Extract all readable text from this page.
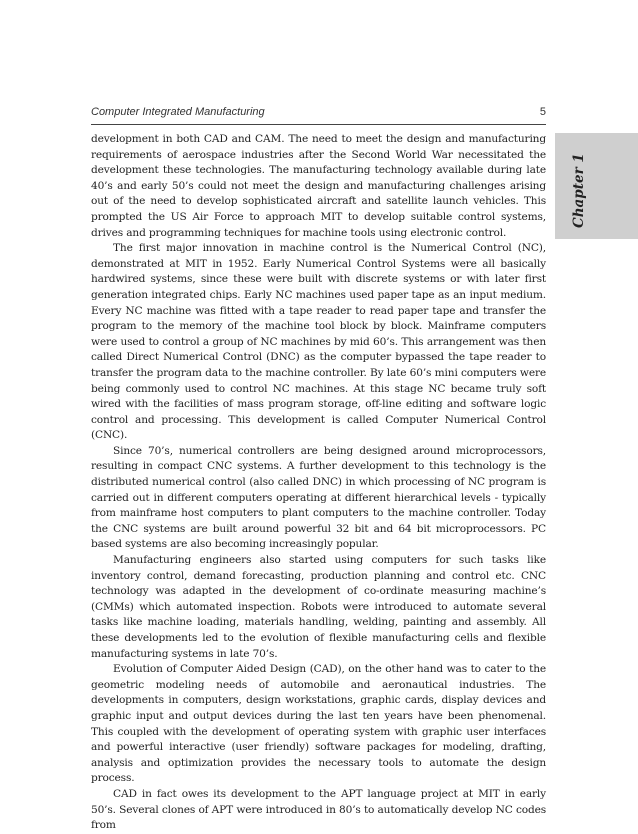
Computer Integrated Manufacturing	5
Chapter 1

development in both CAD and CAM. The need to meet the design and manufacturing requirements of aerospace industries after the Second World War necessitated the development these technologies. The manufacturing technology available during late 40’s and early 50’s could not meet the design and manufacturing challenges arising out of the need to develop sophisticated aircraft and satellite launch vehicles. This prompted the US Air Force to approach MIT to develop suitable control systems, drives and programming techniques for machine tools using electronic control.

The first major innovation in machine control is the Numerical Control (NC), demonstrated at MIT in 1952. Early Numerical Control Systems were all basically hardwired systems, since these were built with discrete systems or with later first generation integrated chips. Early NC machines used paper tape as an input medium. Every NC machine was fitted with a tape reader to read paper tape and transfer the program to the memory of the machine tool block by block. Mainframe computers were used to control a group of NC machines by mid 60’s. This arrangement was then called Direct Numerical Control (DNC) as the computer bypassed the tape reader to transfer the program data to the machine controller. By late 60’s mini computers were being commonly used to control NC machines. At this stage NC became truly soft wired with the facilities of mass program storage, off-line editing and software logic control and processing. This development is called Computer Numerical Control (CNC).

Since 70’s, numerical controllers are being designed around microprocessors, resulting in compact CNC systems. A further development to this technology is the distributed numerical control (also called DNC) in which processing of NC program is carried out in different computers operating at different hierarchical levels - typically from mainframe host computers to plant computers to the machine controller. Today the CNC systems are built around powerful 32 bit and 64 bit microprocessors. PC based systems are also becoming increasingly popular.

Manufacturing engineers also started using computers for such tasks like inventory control, demand forecasting, production planning and control etc. CNC technology was adapted in the development of co-ordinate measuring machine’s (CMMs) which automated inspection. Robots were introduced to automate several tasks like machine loading, materials handling, welding, painting and assembly. All these developments led to the evolution of flexible manufacturing cells and flexible manufacturing systems in late 70’s.

Evolution of Computer Aided Design (CAD), on the other hand was to cater to the geometric modeling needs of automobile and aeronautical industries. The developments in computers, design workstations, graphic cards, display devices and graphic input and output devices during the last ten years have been phenomenal. This coupled with the development of operating system with graphic user interfaces and powerful interactive (user friendly) software packages for modeling, drafting, analysis and optimization provides the necessary tools to automate the design process.

CAD in fact owes its development to the APT language project at MIT in early 50’s. Several clones of APT were introduced in 80’s to automatically develop NC codes from
